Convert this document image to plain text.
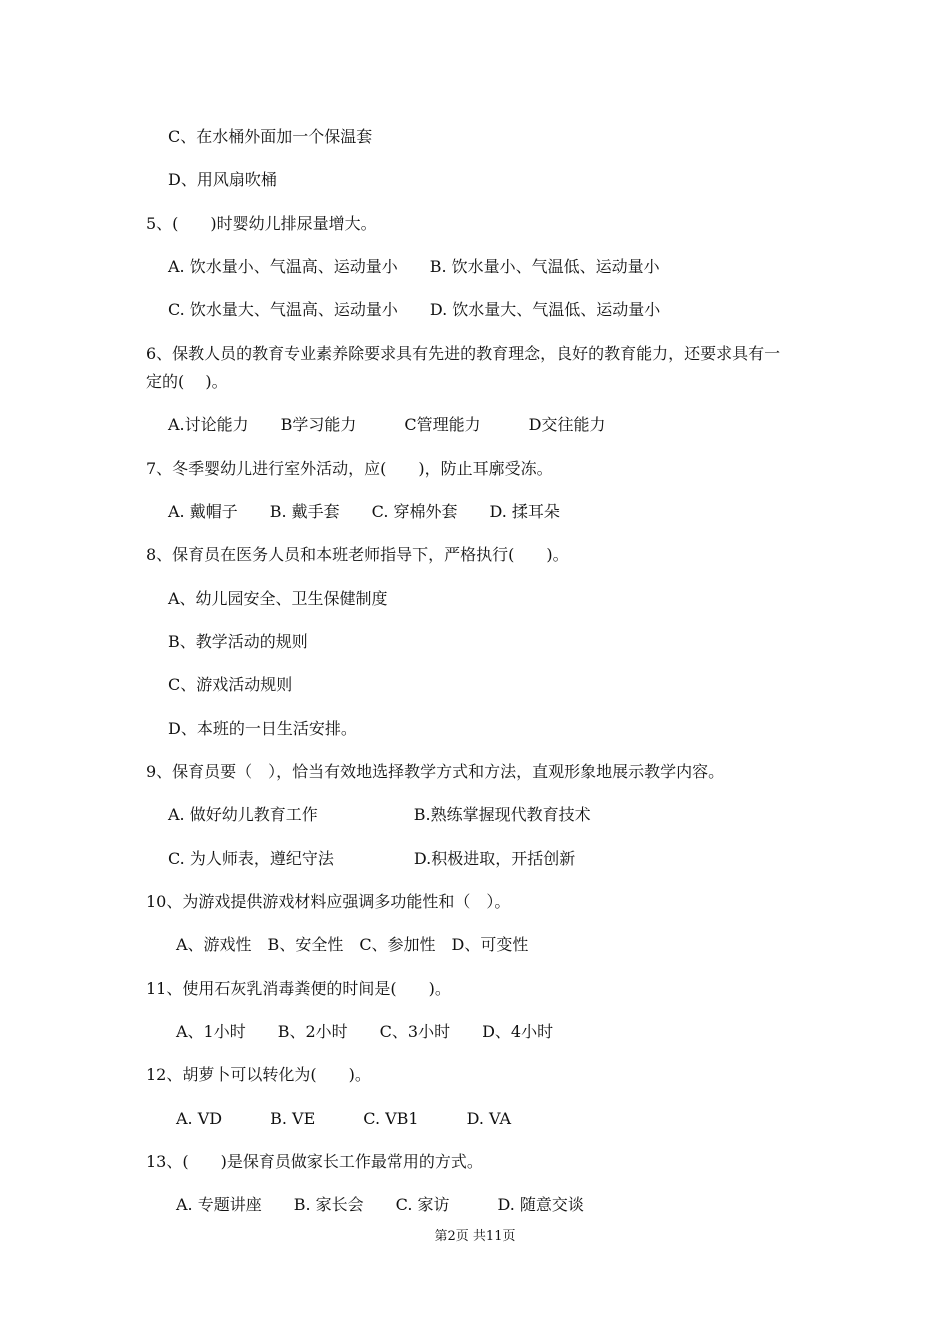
C、在水桶外面加一个保温套
D、用风扇吹桶
5、(　　)时婴幼儿排尿量增大。
A. 饮水量小、气温高、运动量小　　B. 饮水量小、气温低、运动量小
C. 饮水量大、气温高、运动量小　　D. 饮水量大、气温低、运动量小
6、保教人员的教育专业素养除要求具有先进的教育理念，良好的教育能力，还要求具有一
定的(　 )。
A.讨论能力　　B学习能力　　　C管理能力　　　D交往能力
7、冬季婴幼儿进行室外活动，应(　　)，防止耳廓受冻。
A. 戴帽子　　B. 戴手套　　C. 穿棉外套　　D. 揉耳朵
8、保育员在医务人员和本班老师指导下，严格执行(　　)。
A、幼儿园安全、卫生保健制度
B、教学活动的规则
C、游戏活动规则
D、本班的一日生活安排。
9、保育员要（　），恰当有效地选择教学方式和方法，直观形象地展示教学内容。
A. 做好幼儿教育工作　　　　　　B.熟练掌握现代教育技术
C. 为人师表，遵纪守法　　　　　D.积极进取，开括创新
10、为游戏提供游戏材料应强调多功能性和（　）。
A、游戏性　B、安全性　C、参加性　D、可变性
11、使用石灰乳消毒粪便的时间是(　　)。
A、1小时　　B、2小时　　C、3小时　　D、4小时
12、胡萝卜可以转化为(　　)。
A. VD　　　B. VE　　　C. VB1　　　D. VA
13、(　　)是保育员做家长工作最常用的方式。
A. 专题讲座　　B. 家长会　　C. 家访　　　D. 随意交谈
第2页 共11页
